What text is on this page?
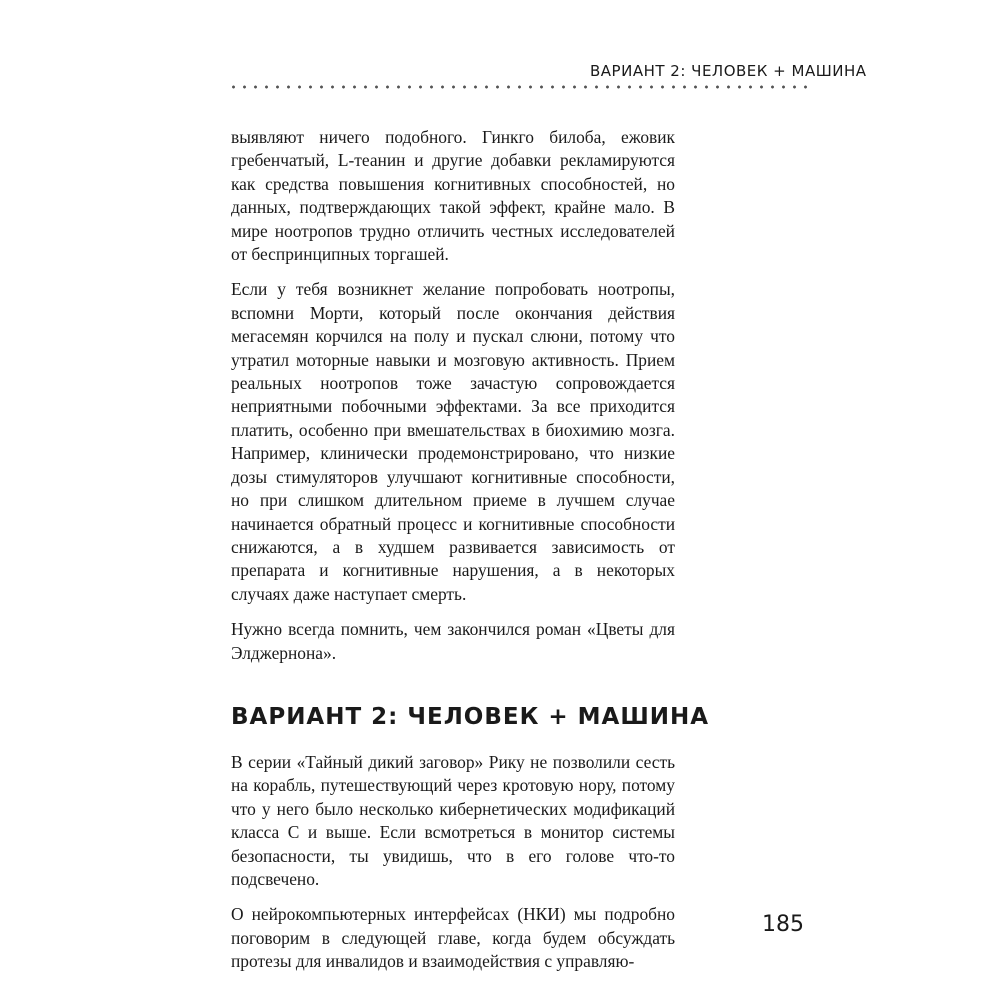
ВАРИАНТ 2: ЧЕЛОВЕК + МАШИНА

выявляют ничего подобного. Гинкго билоба, ежовик гребенчатый, L-теанин и другие добавки рекламируются как средства повышения когнитивных способностей, но данных, подтверждающих такой эффект, крайне мало. В мире ноотропов трудно отличить честных исследователей от беспринципных торгашей.

Если у тебя возникнет желание попробовать ноотропы, вспомни Морти, который после окончания действия мегасемян корчился на полу и пускал слюни, потому что утратил моторные навыки и мозговую активность. Прием реальных ноотропов тоже зачастую сопровождается неприятными побочными эффектами. За все приходится платить, особенно при вмешательствах в биохимию мозга. Например, клинически продемонстрировано, что низкие дозы стимуляторов улучшают когнитивные способности, но при слишком длительном приеме в лучшем случае начинается обратный процесс и когнитивные способности снижаются, а в худшем развивается зависимость от препарата и когнитивные нарушения, а в некоторых случаях даже наступает смерть.

Нужно всегда помнить, чем закончился роман «Цветы для Элджернона».

ВАРИАНТ 2: ЧЕЛОВЕК + МАШИНА

В серии «Тайный дикий заговор» Рику не позволили сесть на корабль, путешествующий через кротовую нору, потому что у него было несколько кибернетических модификаций класса С и выше. Если всмотреться в монитор системы безопасности, ты увидишь, что в его голове что-то подсвечено.

О нейрокомпьютерных интерфейсах (НКИ) мы подробно поговорим в следующей главе, когда будем обсуждать протезы для инвалидов и взаимодействия с управляю-

185
